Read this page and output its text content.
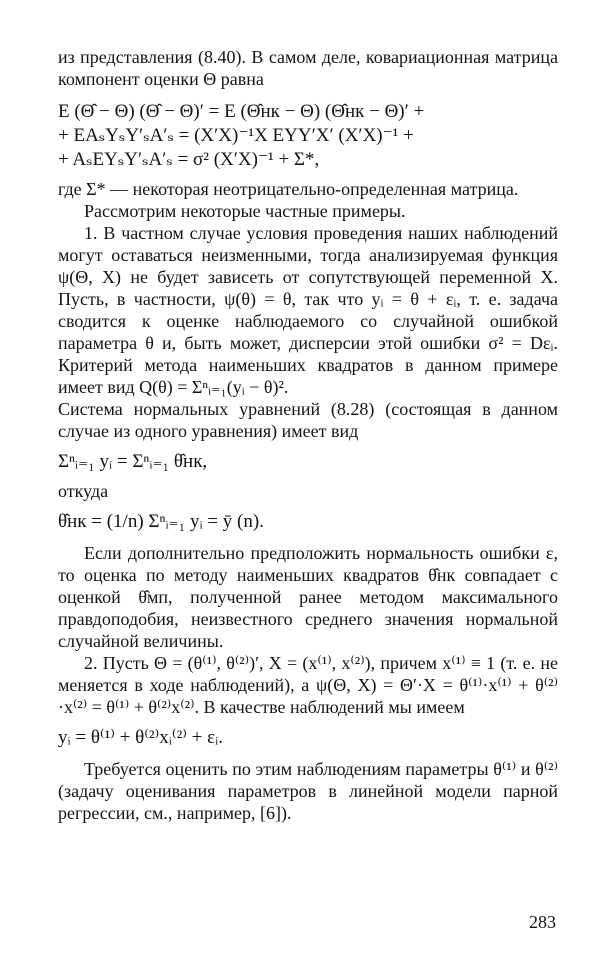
из представления (8.40). В самом деле, ковариационная матрица компонент оценки Θ равна

E (Θ̂ − Θ) (Θ̂ − Θ)′ = E (Θ̂нк − Θ) (Θ̂нк − Θ)′ +

+ EAₛYₛY′ₛA′ₛ = (X′X)⁻¹X EYY′X′ (X′X)⁻¹ +

+ AₛEYₛY′ₛA′ₛ = σ² (X′X)⁻¹ + Σ*,

где Σ* — некоторая неотрицательно-определенная матрица.

Рассмотрим некоторые частные примеры.

1. В частном случае условия проведения наших наблюдений могут оставаться неизменными, тогда анализируемая функция ψ(Θ, X) не будет зависеть от сопутствующей переменной X. Пусть, в частности, ψ(θ) = θ, так что yᵢ = θ + εᵢ, т. е. задача сводится к оценке наблюдаемого со случайной ошибкой параметра θ и, быть может, дисперсии этой ошибки σ² = Dεᵢ. Критерий метода наименьших квадратов в данном примере имеет вид Q(θ) = Σⁿᵢ₌₁(yᵢ − θ)².

Система нормальных уравнений (8.28) (состоящая в данном случае из одного уравнения) имеет вид

Σⁿᵢ₌₁ yᵢ = Σⁿᵢ₌₁ θ̂нк,

откуда

θ̂нк = (1/n) Σⁿᵢ₌₁ yᵢ = ȳ (n).

Если дополнительно предположить нормальность ошибки ε, то оценка по методу наименьших квадратов θ̂нк совпадает с оценкой θ̂мп, полученной ранее методом максимального правдоподобия, неизвестного среднего значения нормальной случайной величины.

2. Пусть Θ = (θ⁽¹⁾, θ⁽²⁾)′, X = (x⁽¹⁾, x⁽²⁾), причем x⁽¹⁾ ≡ 1 (т. е. не меняется в ходе наблюдений), а ψ(Θ, X) = Θ′·X = θ⁽¹⁾·x⁽¹⁾ + θ⁽²⁾·x⁽²⁾ = θ⁽¹⁾ + θ⁽²⁾x⁽²⁾. В качестве наблюдений мы имеем

yᵢ = θ⁽¹⁾ + θ⁽²⁾xᵢ⁽²⁾ + εᵢ.

Требуется оценить по этим наблюдениям параметры θ⁽¹⁾ и θ⁽²⁾ (задачу оценивания параметров в линейной модели парной регрессии, см., например, [6]).

283
